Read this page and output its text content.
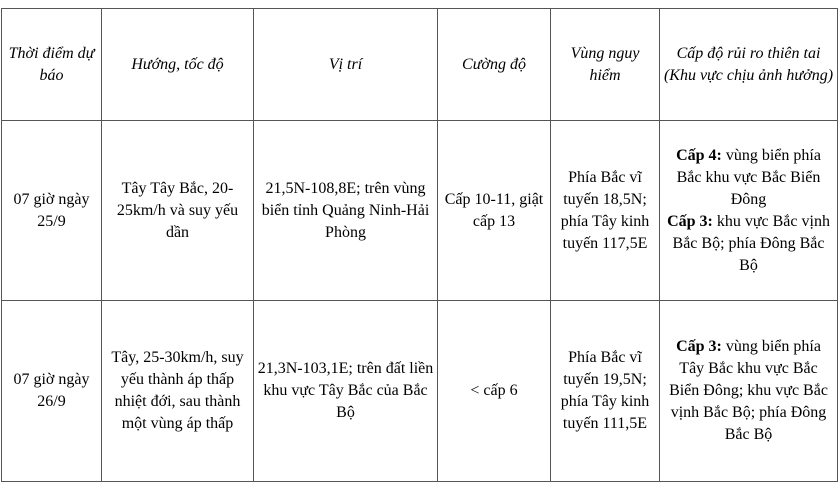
Thời điểm dự báo	Hướng, tốc độ	Vị trí	Cường độ	Vùng nguy hiểm	Cấp độ rủi ro thiên tai (Khu vực chịu ảnh hưởng)
07 giờ ngày 25/9	Tây Tây Bắc, 20-25km/h và suy yếu dần	21,5N-108,8E; trên vùng biển tỉnh Quảng Ninh-Hải Phòng	Cấp 10-11, giật cấp 13	Phía Bắc vĩ tuyến 18,5N; phía Tây kinh tuyến 117,5E	Cấp 4: vùng biển phía Bắc khu vực Bắc Biển Đông
Cấp 3: khu vực Bắc vịnh Bắc Bộ; phía Đông Bắc Bộ

07 giờ ngày 26/9	Tây, 25-30km/h, suy yếu thành áp thấp nhiệt đới, sau thành một vùng áp thấp	21,3N-103,1E; trên đất liền khu vực Tây Bắc của Bắc Bộ	< cấp 6	Phía Bắc vĩ tuyến 19,5N; phía Tây kinh tuyến 111,5E	Cấp 3: vùng biển phía Tây Bắc khu vực Bắc Biển Đông; khu vực Bắc vịnh Bắc Bộ; phía Đông Bắc Bộ
